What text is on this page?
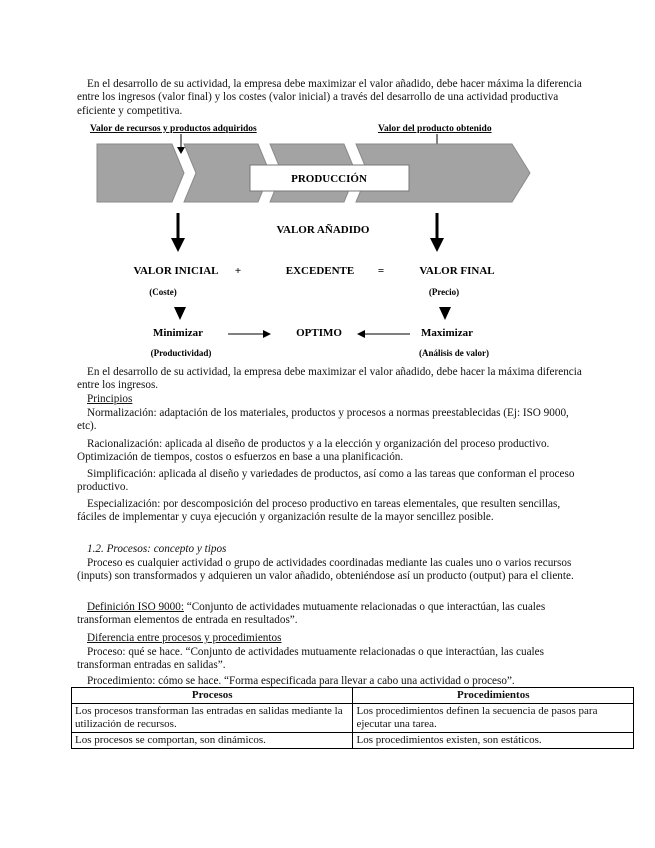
En el desarrollo de su actividad, la empresa debe maximizar el valor añadido, debe hacer máxima la diferencia entre los ingresos (valor final) y los costes (valor inicial) a través del desarrollo de una actividad productiva eficiente y competitiva.

Valor de recursos y productos adquiridos	Valor del producto obtenido
PRODUCCIÓN
VALOR AÑADIDO
VALOR INICIAL +	EXCEDENTE =	VALOR FINAL
(Coste)	(Precio)
Minimizar	OPTIMO	Maximizar
(Productividad)	(Análisis de valor)

En el desarrollo de su actividad, la empresa debe maximizar el valor añadido, debe hacer la máxima diferencia entre los ingresos.

Principios

Normalización: adaptación de los materiales, productos y procesos a normas preestablecidas (Ej: ISO 9000, etc).

Racionalización: aplicada al diseño de productos y a la elección y organización del proceso productivo. Optimización de tiempos, costos o esfuerzos en base a una planificación.

Simplificación: aplicada al diseño y variedades de productos, así como a las tareas que conforman el proceso productivo.

Especialización: por descomposición del proceso productivo en tareas elementales, que resulten sencillas, fáciles de implementar y cuya ejecución y organización resulte de la mayor sencillez posible.

1.2. Procesos: concepto y tipos

Proceso es cualquier actividad o grupo de actividades coordinadas mediante las cuales uno o varios recursos (inputs) son transformados y adquieren un valor añadido, obteniéndose así un producto (output) para el cliente.

Definición ISO 9000: “Conjunto de actividades mutuamente relacionadas o que interactúan, las cuales transforman elementos de entrada en resultados”.

Diferencia entre procesos y procedimientos

Proceso: qué se hace. “Conjunto de actividades mutuamente relacionadas o que interactúan, las cuales transforman entradas en salidas”.

Procedimiento: cómo se hace. “Forma especificada para llevar a cabo una actividad o proceso”.

Procesos	Procedimientos
Los procesos transforman las entradas en salidas mediante la utilización de recursos.	Los procedimientos definen la secuencia de pasos para ejecutar una tarea.
Los procesos se comportan, son dinámicos.	Los procedimientos existen, son estáticos.
